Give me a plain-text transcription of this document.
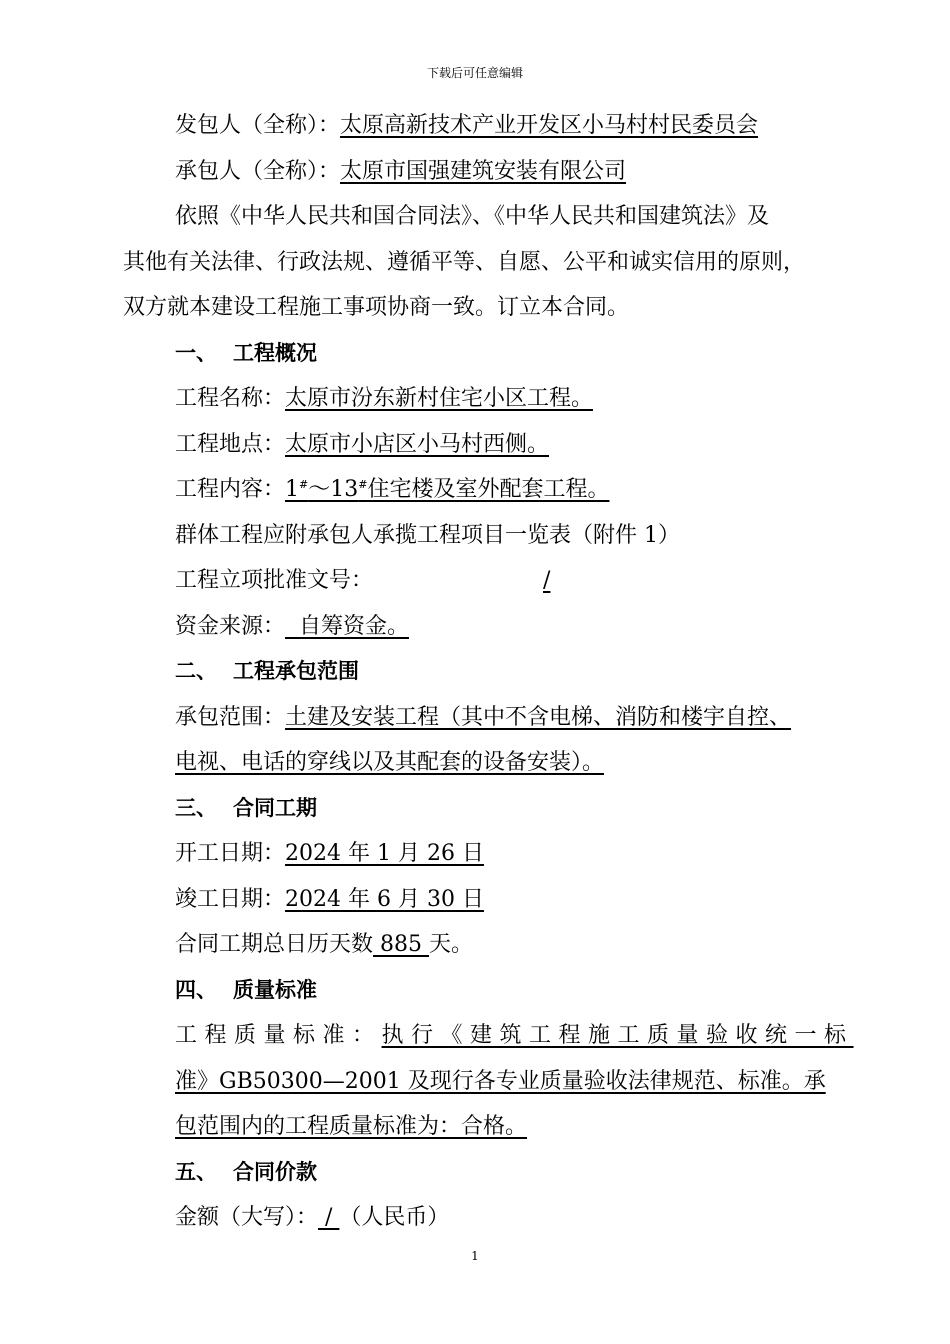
下载后可任意编辑
发包人（全称）：太原高新技术产业开发区小马村村民委员会
承包人（全称）：太原市国强建筑安装有限公司
依照《中华人民共和国合同法》、《中华人民共和国建筑法》及
其他有关法律、行政法规、遵循平等、自愿、公平和诚实信用的原则，
双方就本建设工程施工事项协商一致。订立本合同。
一、 工程概况
工程名称：太原市汾东新村住宅小区工程。
工程地点：太原市小店区小马村西侧。
工程内容：1#～13#住宅楼及室外配套工程。
群体工程应附承包人承揽工程项目一览表（附件 1）
工程立项批准文号：	/
资金来源：  自筹资金。
二、 工程承包范围
承包范围：土建及安装工程（其中不含电梯、消防和楼宇自控、
电视、电话的穿线以及其配套的设备安装）。
三、 合同工期
开工日期：2024 年 1 月 26 日
竣工日期：2024 年 6 月 30 日
合同工期总日历天数 885 天。
四、 质量标准
工程质量标准：执行《建筑工程施工质量验收统一标
准》GB50300—2001 及现行各专业质量验收法律规范、标准。承
包范围内的工程质量标准为：合格。
五、 合同价款
金额（大写）： / （人民币）
1
